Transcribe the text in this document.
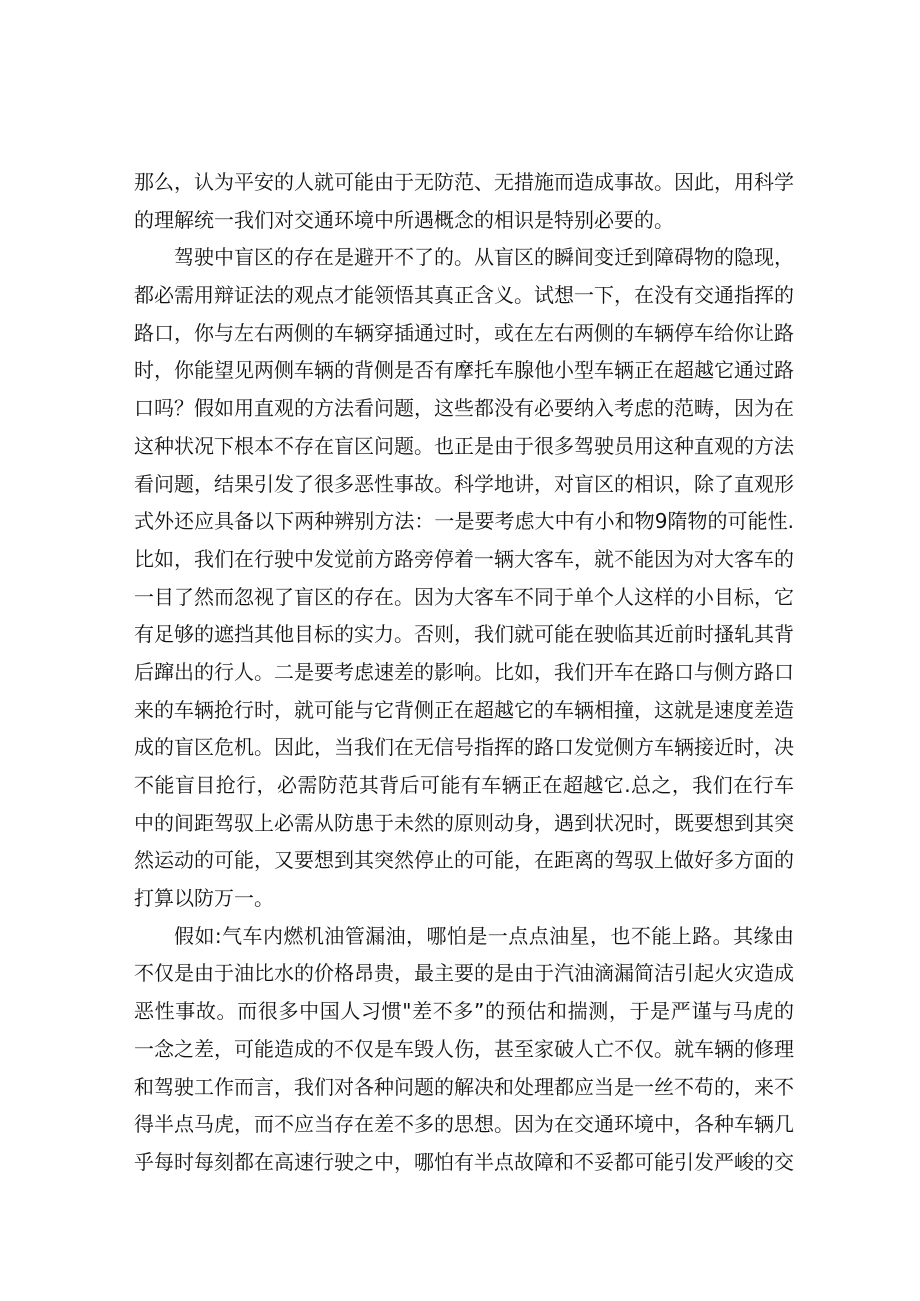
那么，认为平安的人就可能由于无防范、无措施而造成事故。因此，用科学
的理解统一我们对交通环境中所遇概念的相识是特别必要的。
驾驶中盲区的存在是避开不了的。从盲区的瞬间变迁到障碍物的隐现，
都必需用辩证法的观点才能领悟其真正含义。试想一下，在没有交通指挥的
路口，你与左右两侧的车辆穿插通过时，或在左右两侧的车辆停车给你让路
时，你能望见两侧车辆的背侧是否有摩托车腺他小型车辆正在超越它通过路
口吗？假如用直观的方法看问题，这些都没有必要纳入考虑的范畴，因为在
这种状况下根本不存在盲区问题。也正是由于很多驾驶员用这种直观的方法
看问题，结果引发了很多恶性事故。科学地讲，对盲区的相识，除了直观形
式外还应具备以下两种辨别方法：一是要考虑大中有小和物9隋物的可能性.
比如，我们在行驶中发觉前方路旁停着一辆大客车，就不能因为对大客车的
一目了然而忽视了盲区的存在。因为大客车不同于单个人这样的小目标，它
有足够的遮挡其他目标的实力。否则，我们就可能在驶临其近前时搔轧其背
后蹿出的行人。二是要考虑速差的影响。比如，我们开车在路口与侧方路口
来的车辆抢行时，就可能与它背侧正在超越它的车辆相撞，这就是速度差造
成的盲区危机。因此，当我们在无信号指挥的路口发觉侧方车辆接近时，决
不能盲目抢行，必需防范其背后可能有车辆正在超越它.总之，我们在行车
中的间距驾驭上必需从防患于未然的原则动身，遇到状况时，既要想到其突
然运动的可能，又要想到其突然停止的可能，在距离的驾驭上做好多方面的
打算以防万一。
假如:气车内燃机油管漏油，哪怕是一点点油星，也不能上路。其缘由
不仅是由于油比水的价格昂贵，最主要的是由于汽油滴漏简洁引起火灾造成
恶性事故。而很多中国人习惯"差不多”的预估和揣测，于是严谨与马虎的
一念之差，可能造成的不仅是车毁人伤，甚至家破人亡不仅。就车辆的修理
和驾驶工作而言，我们对各种问题的解决和处理都应当是一丝不苟的，来不
得半点马虎，而不应当存在差不多的思想。因为在交通环境中，各种车辆几
乎每时每刻都在高速行驶之中，哪怕有半点故障和不妥都可能引发严峻的交
